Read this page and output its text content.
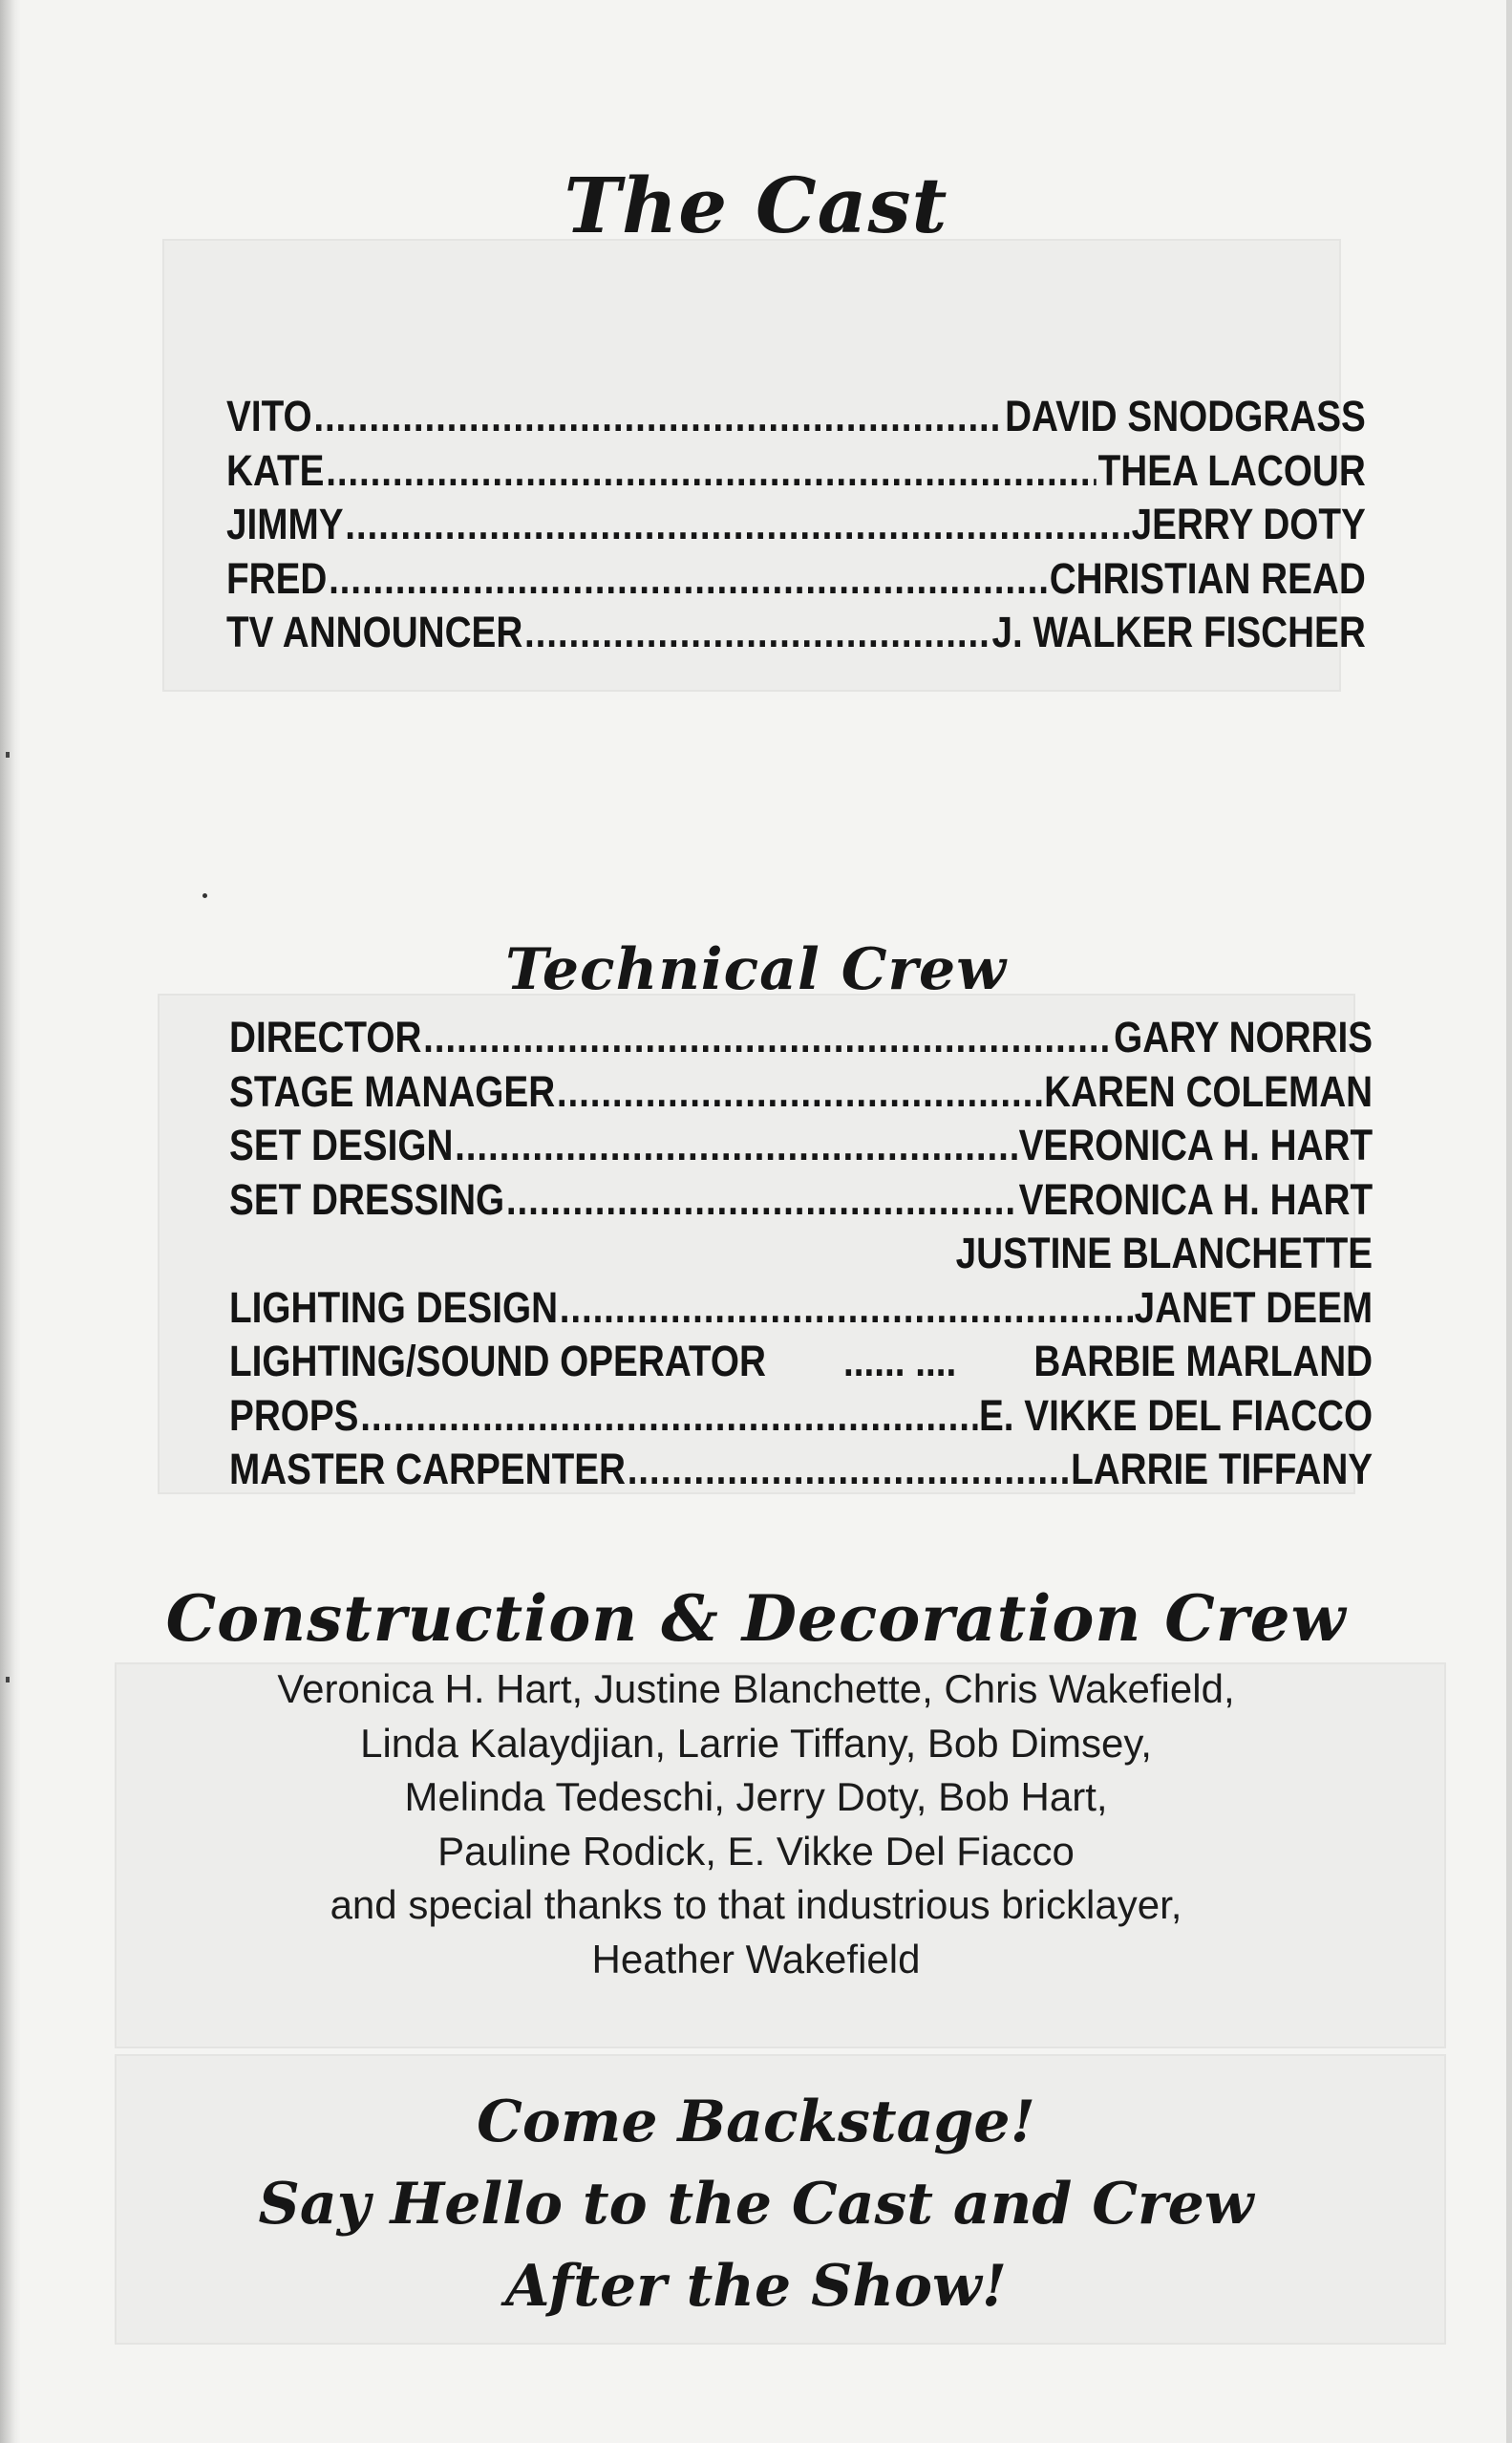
The Cast
VITO .....	DAVID SNODGRASS
KATE .....	THEA LACOUR
JIMMY .....	JERRY DOTY
FRED .....	CHRISTIAN READ
TV ANNOUNCER .....	J. WALKER FISCHER
Technical Crew
DIRECTOR .....	GARY NORRIS
STAGE MANAGER .....	KAREN COLEMAN
SET DESIGN .....	VERONICA H. HART
SET DRESSING .....	VERONICA H. HART
JUSTINE BLANCHETTE
LIGHTING DESIGN .....	JANET DEEM
LIGHTING/SOUND OPERATOR	...... ....	BARBIE MARLAND
PROPS .....	E. VIKKE DEL FIACCO
MASTER CARPENTER .....	LARRIE TIFFANY
Construction & Decoration Crew
Veronica H. Hart, Justine Blanchette, Chris Wakefield,
Linda Kalaydjian, Larrie Tiffany, Bob Dimsey,
Melinda Tedeschi, Jerry Doty, Bob Hart,
Pauline Rodick, E. Vikke Del Fiacco
and special thanks to that industrious bricklayer,
Heather Wakefield
Come Backstage!
Say Hello to the Cast and Crew
After the Show!
